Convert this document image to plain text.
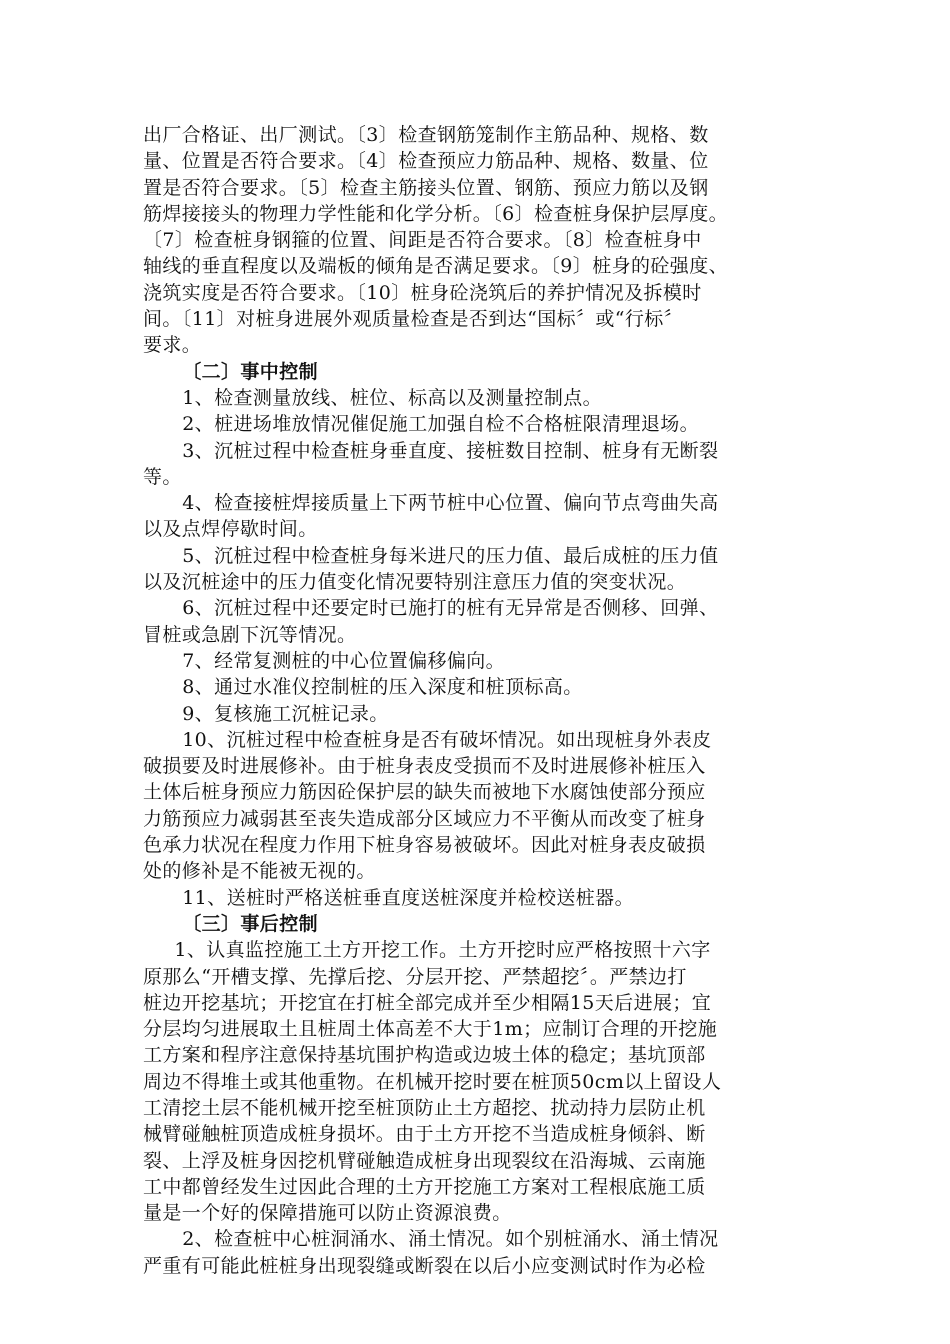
出厂合格证、出厂测试。〔3〕检查钢筋笼制作主筋品种、规格、数
量、位置是否符合要求。〔4〕检查预应力筋品种、规格、数量、位
置是否符合要求。〔5〕检查主筋接头位置、钢筋、预应力筋以及钢
筋焊接接头的物理力学性能和化学分析。〔6〕检查桩身保护层厚度。
〔7〕检查桩身钢箍的位置、间距是否符合要求。〔8〕检查桩身中
轴线的垂直程度以及端板的倾角是否满足要求。〔9〕桩身的砼强度、
浇筑实度是否符合要求。〔10〕桩身砼浇筑后的养护情况及拆模时
间。〔11〕对桩身进展外观质量检查是否到达“国标〞或“行标〞
要求。
〔二〕事中控制
1、检查测量放线、桩位、标高以及测量控制点。
2、桩进场堆放情况催促施工加强自检不合格桩限清理退场。
3、沉桩过程中检查桩身垂直度、接桩数目控制、桩身有无断裂
等。
4、检查接桩焊接质量上下两节桩中心位置、偏向节点弯曲失高
以及点焊停歇时间。
5、沉桩过程中检查桩身每米进尺的压力值、最后成桩的压力值
以及沉桩途中的压力值变化情况要特别注意压力值的突变状况。
6、沉桩过程中还要定时已施打的桩有无异常是否侧移、回弹、
冒桩或急剧下沉等情况。
7、经常复测桩的中心位置偏移偏向。
8、通过水准仪控制桩的压入深度和桩顶标高。
9、复核施工沉桩记录。
10、沉桩过程中检查桩身是否有破坏情况。如出现桩身外表皮
破损要及时进展修补。由于桩身表皮受损而不及时进展修补桩压入
土体后桩身预应力筋因砼保护层的缺失而被地下水腐蚀使部分预应
力筋预应力减弱甚至丧失造成部分区域应力不平衡从而改变了桩身
色承力状况在程度力作用下桩身容易被破坏。因此对桩身表皮破损
处的修补是不能被无视的。
11、送桩时严格送桩垂直度送桩深度并检校送桩器。
〔三〕事后控制
1、认真监控施工土方开挖工作。土方开挖时应严格按照十六字
原那么“开槽支撑、先撑后挖、分层开挖、严禁超挖〞。严禁边打
桩边开挖基坑；开挖宜在打桩全部完成并至少相隔15天后进展；宜
分层均匀进展取土且桩周土体高差不大于1m；应制订合理的开挖施
工方案和程序注意保持基坑围护构造或边坡土体的稳定；基坑顶部
周边不得堆土或其他重物。在机械开挖时要在桩顶50cm以上留设人
工清挖土层不能机械开挖至桩顶防止土方超挖、扰动持力层防止机
械臂碰触桩顶造成桩身损坏。由于土方开挖不当造成桩身倾斜、断
裂、上浮及桩身因挖机臂碰触造成桩身出现裂纹在沿海城、云南施
工中都曾经发生过因此合理的土方开挖施工方案对工程根底施工质
量是一个好的保障措施可以防止资源浪费。
2、检查桩中心桩洞涌水、涌土情况。如个别桩涌水、涌土情况
严重有可能此桩桩身出现裂缝或断裂在以后小应变测试时作为必检
